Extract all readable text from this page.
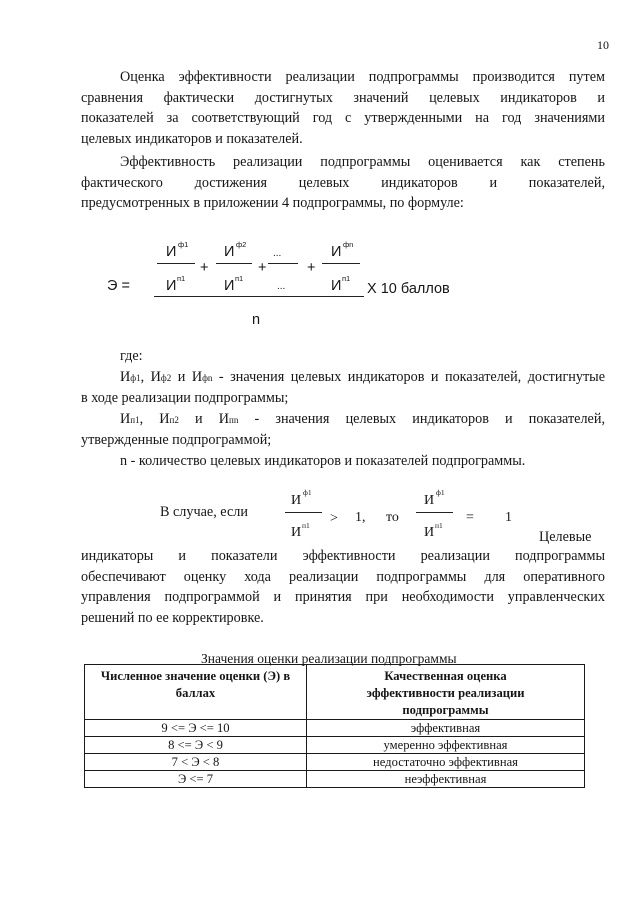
10
Оценка эффективности реализации подпрограммы производится путем
сравнения фактически достигнутых значений целевых индикаторов и
показателей за соответствующий год с утвержденными на год значениями
целевых индикаторов и показателей.
Эффективность реализации подпрограммы оценивается как степень
фактического достижения целевых индикаторов и показателей,
предусмотренных в приложении 4 подпрограммы, по формуле:
И ф1
И п1
+
И ф2
И п1
+
...
...
+
И фn
И п1
Э =	X 10 баллов
n
где:
Иф1, Иф2 и Ифn - значения целевых индикаторов и показателей, достигнутые
в ходе реализации подпрограммы;
Ип1, Ип2 и Ипn - значения целевых индикаторов и показателей,
утвержденные подпрограммой;
n - количество целевых индикаторов и показателей подпрограммы.
В случае, если
И
ф1
И п1 > 1, то
И
ф1
И п1
= 1
Целевые
индикаторы и показатели эффективности реализации подпрограммы
обеспечивают оценку хода реализации подпрограммы для оперативного
управления подпрограммой и принятия при необходимости управленческих
решений по ее корректировке.
Значения оценки реализации подпрограммы
Численное значение оценки (Э) в баллах	Качественная оценка эффективности реализации подпрограммы
9 <= Э <= 10	эффективная
8 <= Э < 9	умеренно эффективная
7 < Э < 8	недостаточно эффективная
Э <= 7	неэффективная
